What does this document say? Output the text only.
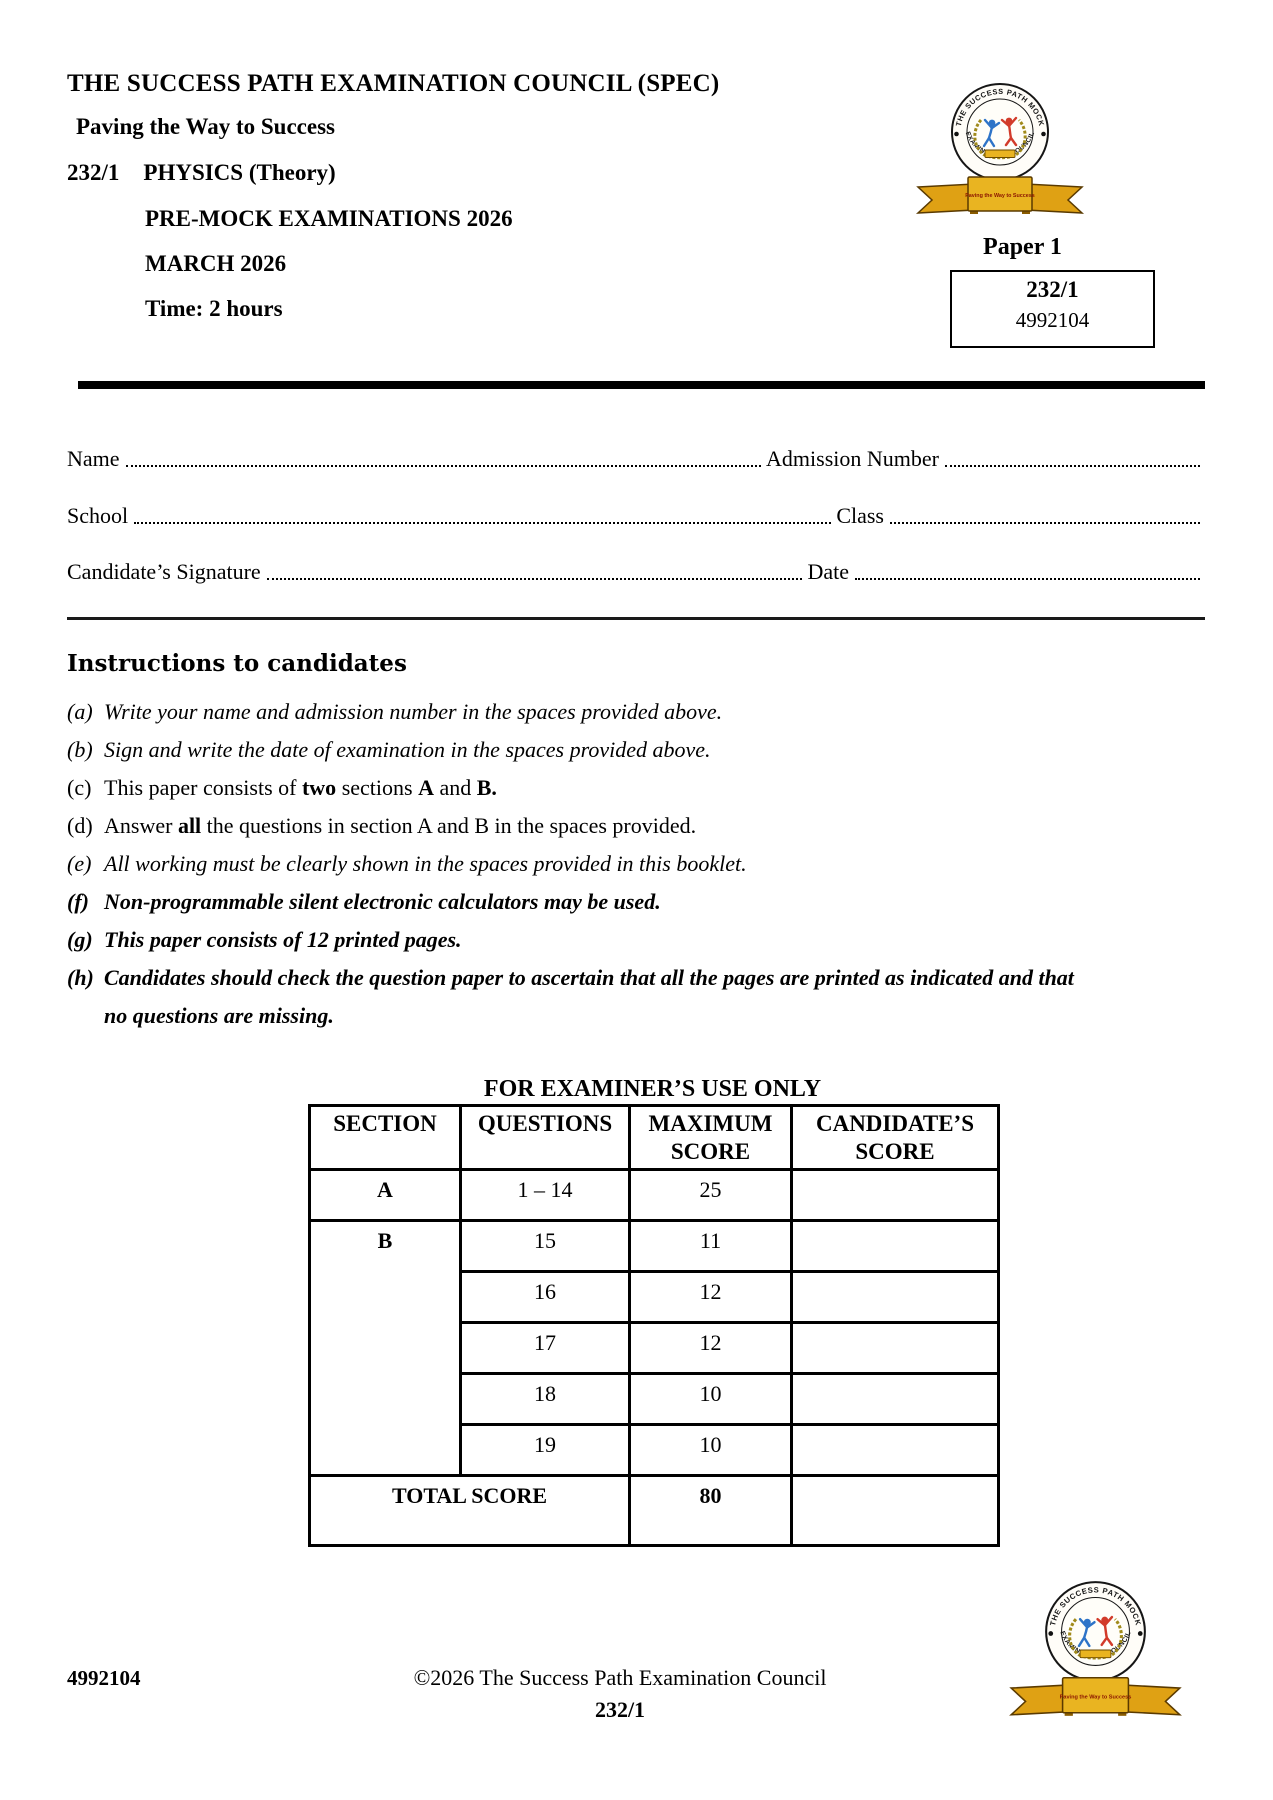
THE SUCCESS PATH EXAMINATION COUNCIL (SPEC)
Paving the Way to Success
232/1 PHYSICS (Theory)
PRE-MOCK EXAMINATIONS 2026
MARCH 2026
Time: 2 hours
Paper 1
232/1
4992104
Name	Admission Number
School	Class
Candidate’s Signature	Date
Instructions to candidates
(a) Write your name and admission number in the spaces provided above.
(b) Sign and write the date of examination in the spaces provided above.
(c) This paper consists of two sections A and B.
(d) Answer all the questions in section A and B in the spaces provided.
(e) All working must be clearly shown in the spaces provided in this booklet.
(f) Non-programmable silent electronic calculators may be used.
(g) This paper consists of 12 printed pages.
(h) Candidates should check the question paper to ascertain that all the pages are printed as indicated and that no questions are missing.
FOR EXAMINER’S USE ONLY
SECTION	QUESTIONS	MAXIMUM SCORE	CANDIDATE’S SCORE
A	1 – 14	25	
B	15	11	
	16	12	
	17	12	
	18	10	
	19	10	
TOTAL SCORE		80	
4992104	©2026 The Success Path Examination Council
232/1
